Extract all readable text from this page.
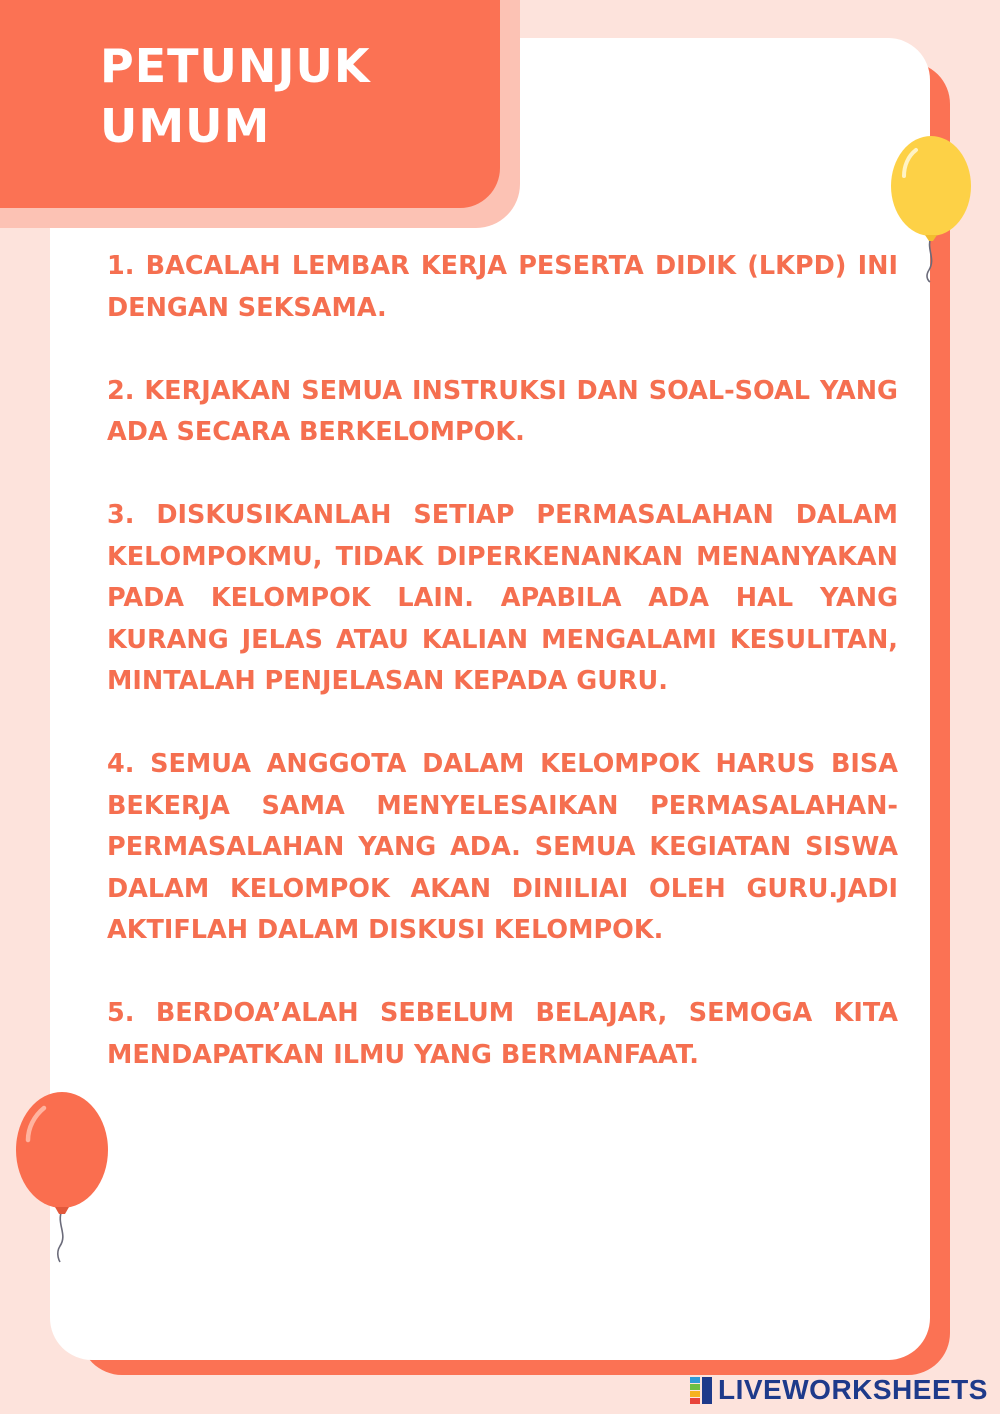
PETUNJUK
UMUM
1. BACALAH LEMBAR KERJA PESERTA DIDIK (LKPD) INI DENGAN SEKSAMA.
2. KERJAKAN SEMUA INSTRUKSI DAN SOAL-SOAL YANG ADA SECARA BERKELOMPOK.
3. DISKUSIKANLAH SETIAP PERMASALAHAN DALAM KELOMPOKMU, TIDAK DIPERKENANKAN MENANYAKAN PADA KELOMPOK LAIN. APABILA ADA HAL YANG KURANG JELAS ATAU KALIAN MENGALAMI KESULITAN, MINTALAH PENJELASAN KEPADA GURU.
4. SEMUA ANGGOTA DALAM KELOMPOK HARUS BISA BEKERJA SAMA MENYELESAIKAN PERMASALAHAN-PERMASALAHAN YANG ADA. SEMUA KEGIATAN SISWA DALAM KELOMPOK AKAN DINILIAI OLEH GURU.JADI AKTIFLAH DALAM DISKUSI KELOMPOK.
5. BERDOA’ALAH SEBELUM BELAJAR, SEMOGA KITA MENDAPATKAN ILMU YANG BERMANFAAT.
LIVEWORKSHEETS
